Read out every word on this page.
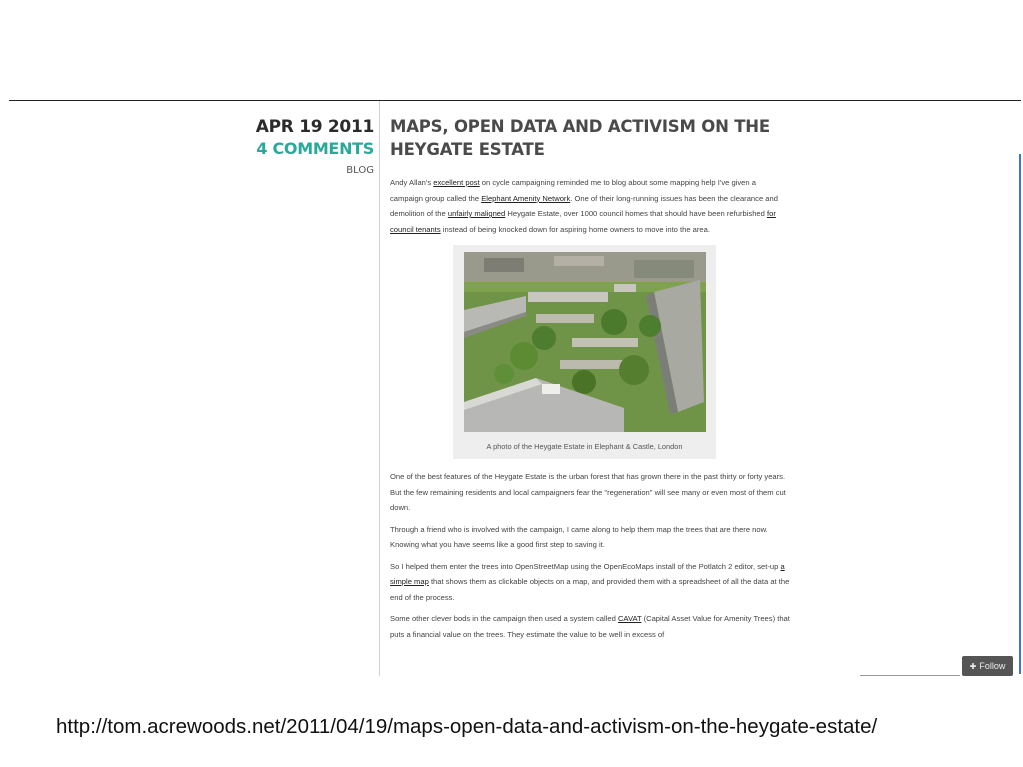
APR 19 2011
4 COMMENTS
BLOG
MAPS, OPEN DATA AND ACTIVISM ON THE HEYGATE ESTATE

Andy Allan's excellent post on cycle campaigning reminded me to blog about some mapping help I've given a campaign group called the Elephant Amenity Network. One of their long-running issues has been the clearance and demolition of the unfairly maligned Heygate Estate, over 1000 council homes that should have been refurbished for council tenants instead of being knocked down for aspiring home owners to move into the area.

A photo of the Heygate Estate in Elephant & Castle, London

One of the best features of the Heygate Estate is the urban forest that has grown there in the past thirty or forty years. But the few remaining residents and local campaigners fear the "regeneration" will see many or even most of them cut down.

Through a friend who is involved with the campaign, I came along to help them map the trees that are there now. Knowing what you have seems like a good first step to saving it.

So I helped them enter the trees into OpenStreetMap using the OpenEcoMaps install of the Potlatch 2 editor, set-up a simple map that shows them as clickable objects on a map, and provided them with a spreadsheet of all the data at the end of the process.

Some other clever bods in the campaign then used a system called CAVAT (Capital Asset Value for Amenity Trees) that puts a financial value on the trees. They estimate the value to be well in excess of

✚ Follow

http://tom.acrewoods.net/2011/04/19/maps-open-data-and-activism-on-the-heygate-estate/
